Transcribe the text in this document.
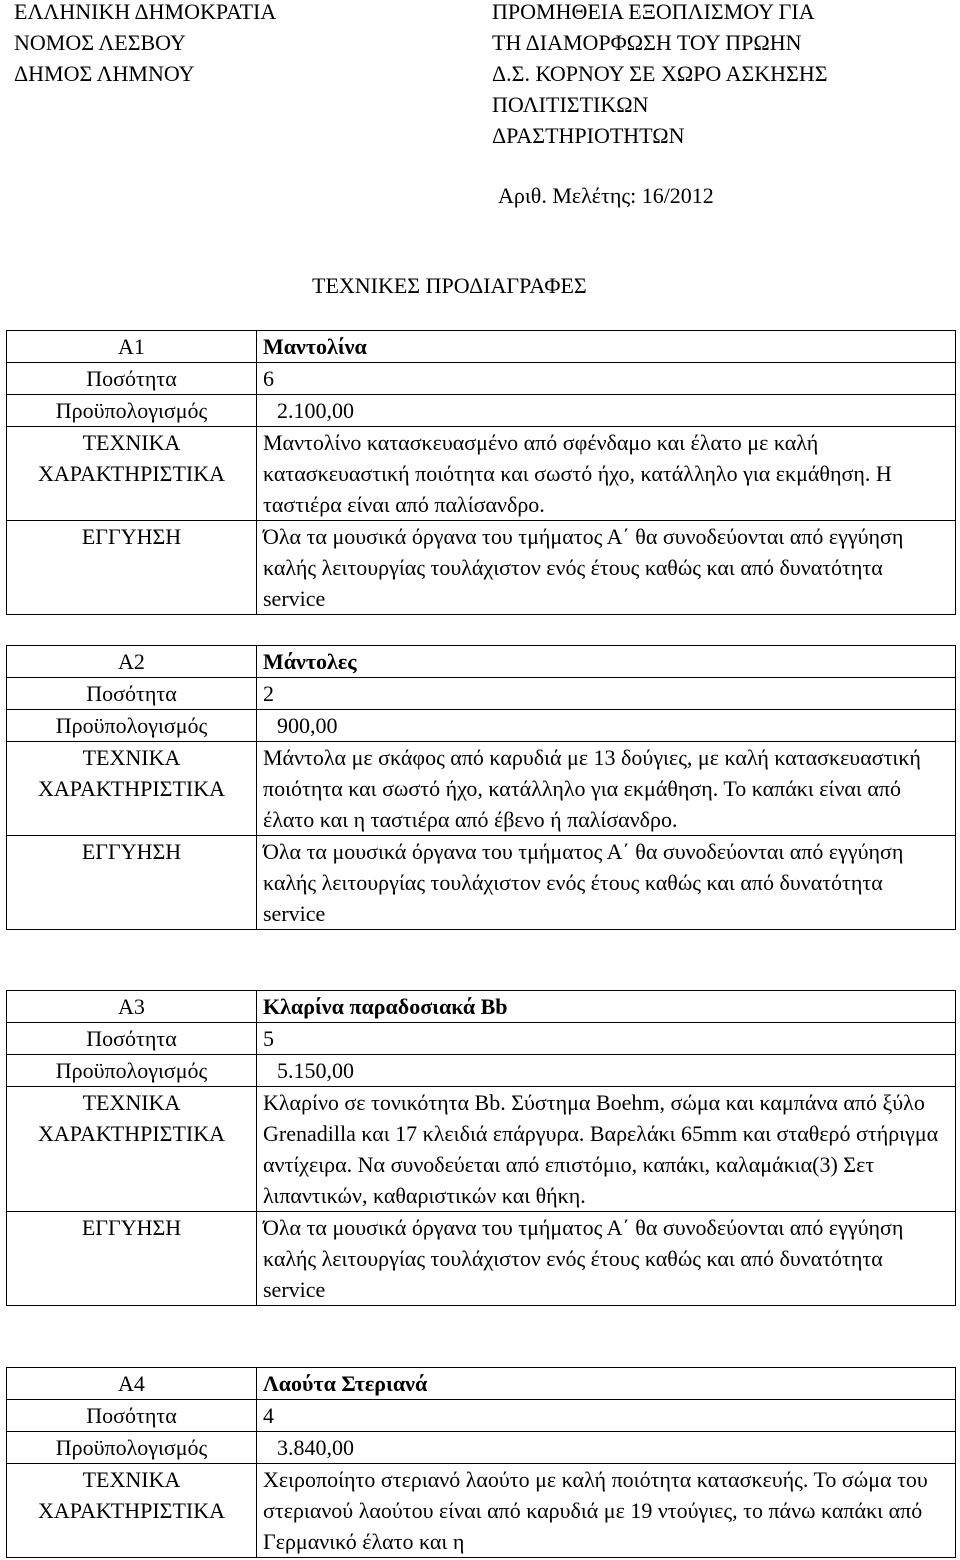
ΕΛΛΗΝΙΚΗ ΔΗΜΟΚΡΑΤΙΑ
ΝΟΜΟΣ ΛΕΣΒΟΥ
ΔΗΜΟΣ ΛΗΜΝΟΥ
ΠΡΟΜΗΘΕΙΑ ΕΞΟΠΛΙΣΜΟΥ ΓΙΑ
ΤΗ ΔΙΑΜΟΡΦΩΣΗ ΤΟΥ ΠΡΩΗΝ
Δ.Σ. ΚΟΡΝΟΥ ΣΕ ΧΩΡΟ ΑΣΚΗΣΗΣ
ΠΟΛΙΤΙΣΤΙΚΩΝ
ΔΡΑΣΤΗΡΙΟΤΗΤΩΝ
Αριθ. Μελέτης: 16/2012
ΤΕΧΝΙΚΕΣ ΠΡΟΔΙΑΓΡΑΦΕΣ
Α1	Μαντολίνα
Ποσότητα	6
Προϋπολογισμός	2.100,00

ΤΕΧΝΙΚΑ
ΧΑΡΑΚΤΗΡΙΣΤΙΚΑ	Μαντολίνο κατασκευασμένο από σφένδαμο και έλατο με καλή κατασκευαστική ποιότητα και σωστό ήχο, κατάλληλο για εκμάθηση. Η ταστιέρα είναι από παλίσανδρο.
ΕΓΓΥΗΣΗ	Όλα τα μουσικά όργανα του τμήματος Α΄ θα συνοδεύονται από εγγύηση καλής λειτουργίας τουλάχιστον ενός έτους καθώς και από δυνατότητα service
Α2	Μάντολες
Ποσότητα	2
Προϋπολογισμός	900,00

ΤΕΧΝΙΚΑ
ΧΑΡΑΚΤΗΡΙΣΤΙΚΑ	Μάντολα με σκάφος από καρυδιά με 13 δούγιες, με καλή κατασκευαστική ποιότητα και σωστό ήχο, κατάλληλο για εκμάθηση. Το καπάκι είναι από έλατο και η ταστιέρα από έβενο ή παλίσανδρο.
ΕΓΓΥΗΣΗ	Όλα τα μουσικά όργανα του τμήματος Α΄ θα συνοδεύονται από εγγύηση καλής λειτουργίας τουλάχιστον ενός έτους καθώς και από δυνατότητα service
Α3	Κλαρίνα παραδοσιακά Bb
Ποσότητα	5
Προϋπολογισμός	5.150,00

ΤΕΧΝΙΚΑ
ΧΑΡΑΚΤΗΡΙΣΤΙΚΑ	Κλαρίνο σε τονικότητα Bb. Σύστημα Boehm, σώμα και καμπάνα από ξύλο Grenadilla και 17 κλειδιά επάργυρα. Βαρελάκι 65mm και σταθερό στήριγμα αντίχειρα. Να συνοδεύεται από επιστόμιο, καπάκι, καλαμάκια(3) Σετ λιπαντικών, καθαριστικών και θήκη.
ΕΓΓΥΗΣΗ	Όλα τα μουσικά όργανα του τμήματος Α΄ θα συνοδεύονται από εγγύηση καλής λειτουργίας τουλάχιστον ενός έτους καθώς και από δυνατότητα service
Α4	Λαούτα Στεριανά
Ποσότητα	4
Προϋπολογισμός	3.840,00

ΤΕΧΝΙΚΑ
ΧΑΡΑΚΤΗΡΙΣΤΙΚΑ	Χειροποίητο στεριανό λαούτο με καλή ποιότητα κατασκευής. Το σώμα του στεριανού λαούτου είναι από καρυδιά με 19 ντούγιες, το πάνω καπάκι από Γερμανικό έλατο και η
